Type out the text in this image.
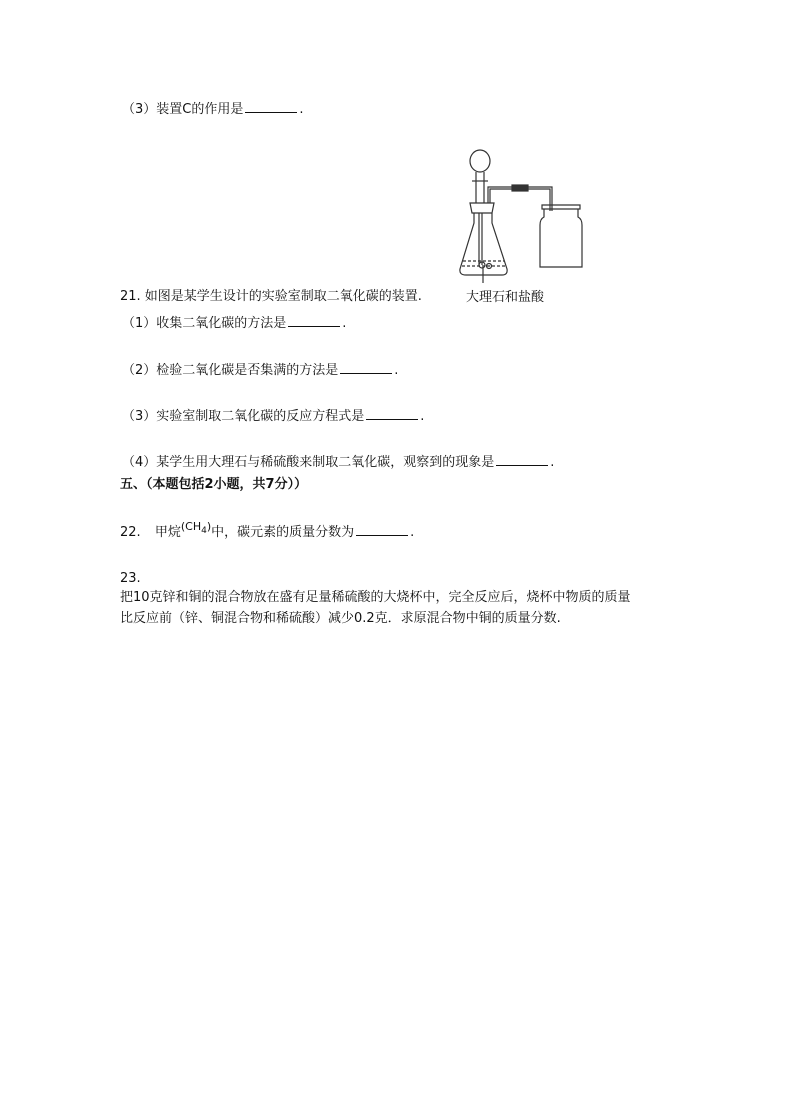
（3）装置C的作用是	.
大理石和盐酸
21. 如图是某学生设计的实验室制取二氧化碳的装置.
（1）收集二氧化碳的方法是	.
（2）检验二氧化碳是否集满的方法是	.
（3）实验室制取二氧化碳的反应方程式是	.
（4）某学生用大理石与稀硫酸来制取二氧化碳，观察到的现象是	.
五、（本题包括2小题，共7分））
22. 甲烷$^{(CH_4)}$中，碳元素的质量分数为	.
23.
把10克锌和铜的混合物放在盛有足量稀硫酸的大烧杯中，完全反应后，烧杯中物质的质量
比反应前（锌、铜混合物和稀硫酸）减少0.2克．求原混合物中铜的质量分数.
